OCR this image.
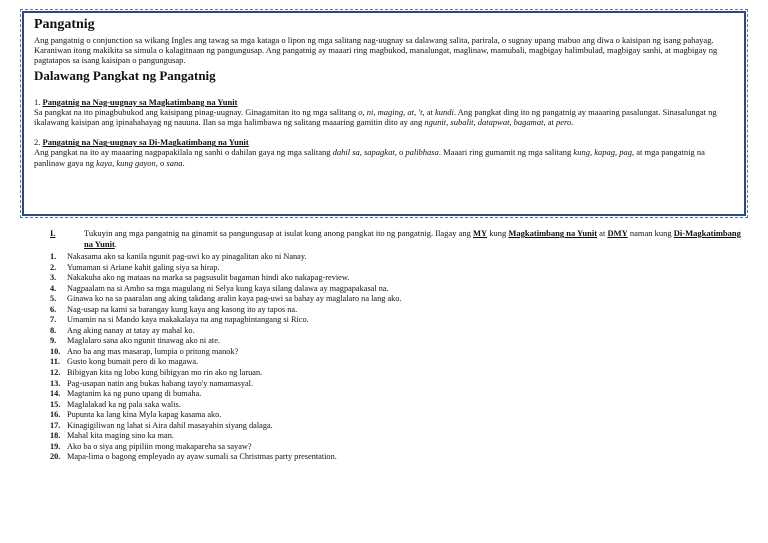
Pangatnig

Ang pangatnig o conjunction sa wikang Ingles ang tawag sa mga kataga o lipon ng mga salitang nag-uugnay sa dalawang salita, parirala, o sugnay upang mabuo ang diwa o kaisipan ng isang pahayag.

Karaniwan itong makikita sa simula o kalagitnaan ng pangungusap. Ang pangatnig ay maaari ring magbukod, manalungat, maglinaw, mamubali, magbigay halimbulad, magbigay sanhi, at magbigay ng pagtatapos sa isang kaisipan o pangungusap.

Dalawang Pangkat ng Pangatnig
1. Pangatnig na Nag-uugnay sa Magkatimbang na Yunit

Sa pangkat na ito pinagbubukod ang kaisipang pinag-uugnay. Ginagamitan ito ng mga salitang o, ni, maging, at, 't, at kundi. Ang pangkat ding ito ng pangatnig ay maaaring pasalungat. Sinasalungat ng ikalawang kaisipan ang ipinahahayag ng nauuna. Ilan sa mga halimbawa ng salitang maaaring gamitin dito ay ang ngunit, subalit, datapwat, bagamat, at pero.

2. Pangatnig na Nag-uugnay sa Di-Magkatimbang na Yunit

Ang pangkat na ito ay maaaring nagpapakilala ng sanhi o dahilan gaya ng mga salitang dahil sa, sapagkat, o palibhasa. Maaari ring gumamit ng mga salitang kung, kapag, pag, at mga pangatnig na panlinaw gaya ng kaya, kung gayon, o sana.

I.	Tukuyin ang mga pangatnig na ginamit sa pangungusap at isulat kung anong pangkat ito ng pangatnig. Ilagay ang MY kung Magkatimbang na Yunit at DMY naman kung Di-Magkatimbang na Yunit.
1. Nakasama ako sa kanila ngunit pag-uwi ko ay pinagalitan ako ni Nanay.
2. Yumaman si Ariane kahit galing siya sa hirap.
3. Nakakuha ako ng mataas na marka sa pagsusulit bagaman hindi ako nakapag-review.
4. Nagpaalam na si Ambo sa mga magulang ni Selya kung kaya silang dalawa ay magpapakasal na.
5. Ginawa ko na sa paaralan ang aking takdang aralin kaya pag-uwi sa bahay ay maglalaro na lang ako.
6. Nag-usap na kami sa barangay kung kaya ang kasong ito ay tapos na.
7. Umamin na si Mando kaya makakalaya na ang napagbintangang si Rico.
8. Ang aking nanay at tatay ay mahal ko.
9. Maglalaro sana ako ngunit tinawag ako ni ate.
10. Ano ba ang mas masarap, lumpia o pritong manok?
11. Gusto kong bumait pero di ko magawa.
12. Bibigyan kita ng lobo kung bibigyan mo rin ako ng laruan.
13. Pag-usapan natin ang bukas habang tayo'y namamasyal.
14. Magtanim ka ng puno upang di bumaha.
15. Maglalakad ka ng pala saka walis.
16. Pupunta ka lang kina Myla kapag kasama ako.
17. Kinagigiliwan ng lahat si Aira dahil masayahin siyang dalaga.
18. Mahal kita maging sino ka man.
19. Ako ba o siya ang pipiliin mong makapareha sa sayaw?
20. Mapa-lima o bagong empleyado ay ayaw sumali sa Christmas party presentation.
